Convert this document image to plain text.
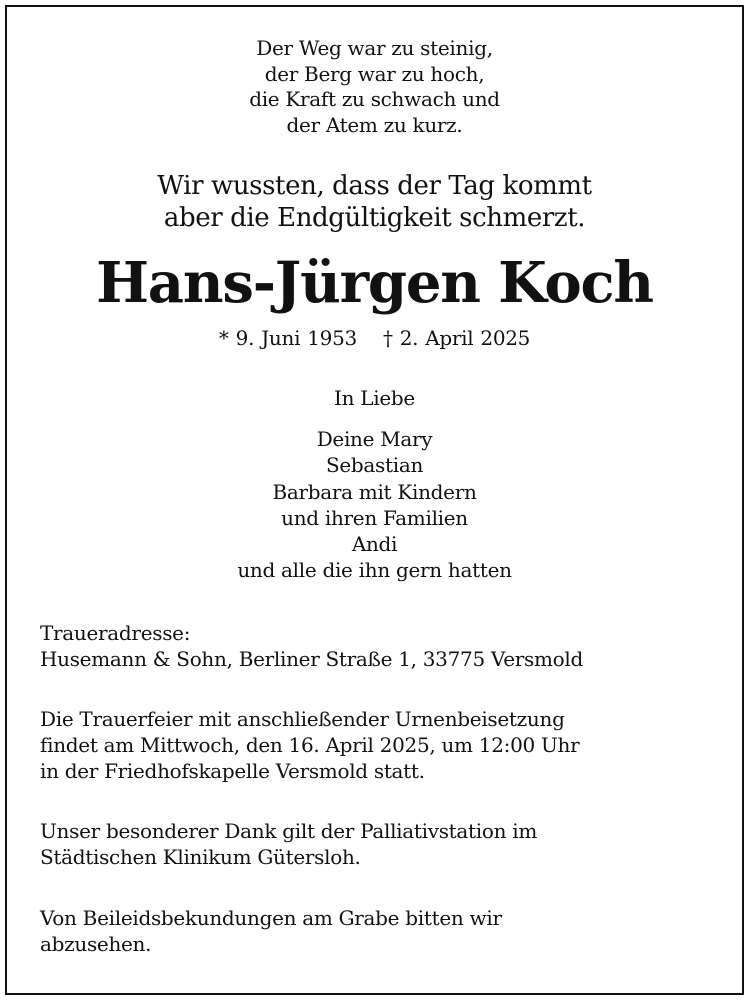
Der Weg war zu steinig,
der Berg war zu hoch,
die Kraft zu schwach und
der Atem zu kurz.
Wir wussten, dass der Tag kommt
aber die Endgültigkeit schmerzt.
Hans-Jürgen Koch
* 9. Juni 1953 † 2. April 2025
In Liebe
Deine Mary
Sebastian
Barbara mit Kindern
und ihren Familien
Andi
und alle die ihn gern hatten
Traueradresse:
Husemann & Sohn, Berliner Straße 1, 33775 Versmold
Die Trauerfeier mit anschließender Urnenbeisetzung
findet am Mittwoch, den 16. April 2025, um 12:00 Uhr
in der Friedhofskapelle Versmold statt.
Unser besonderer Dank gilt der Palliativstation im
Städtischen Klinikum Gütersloh.
Von Beileidsbekundungen am Grabe bitten wir
abzusehen.
